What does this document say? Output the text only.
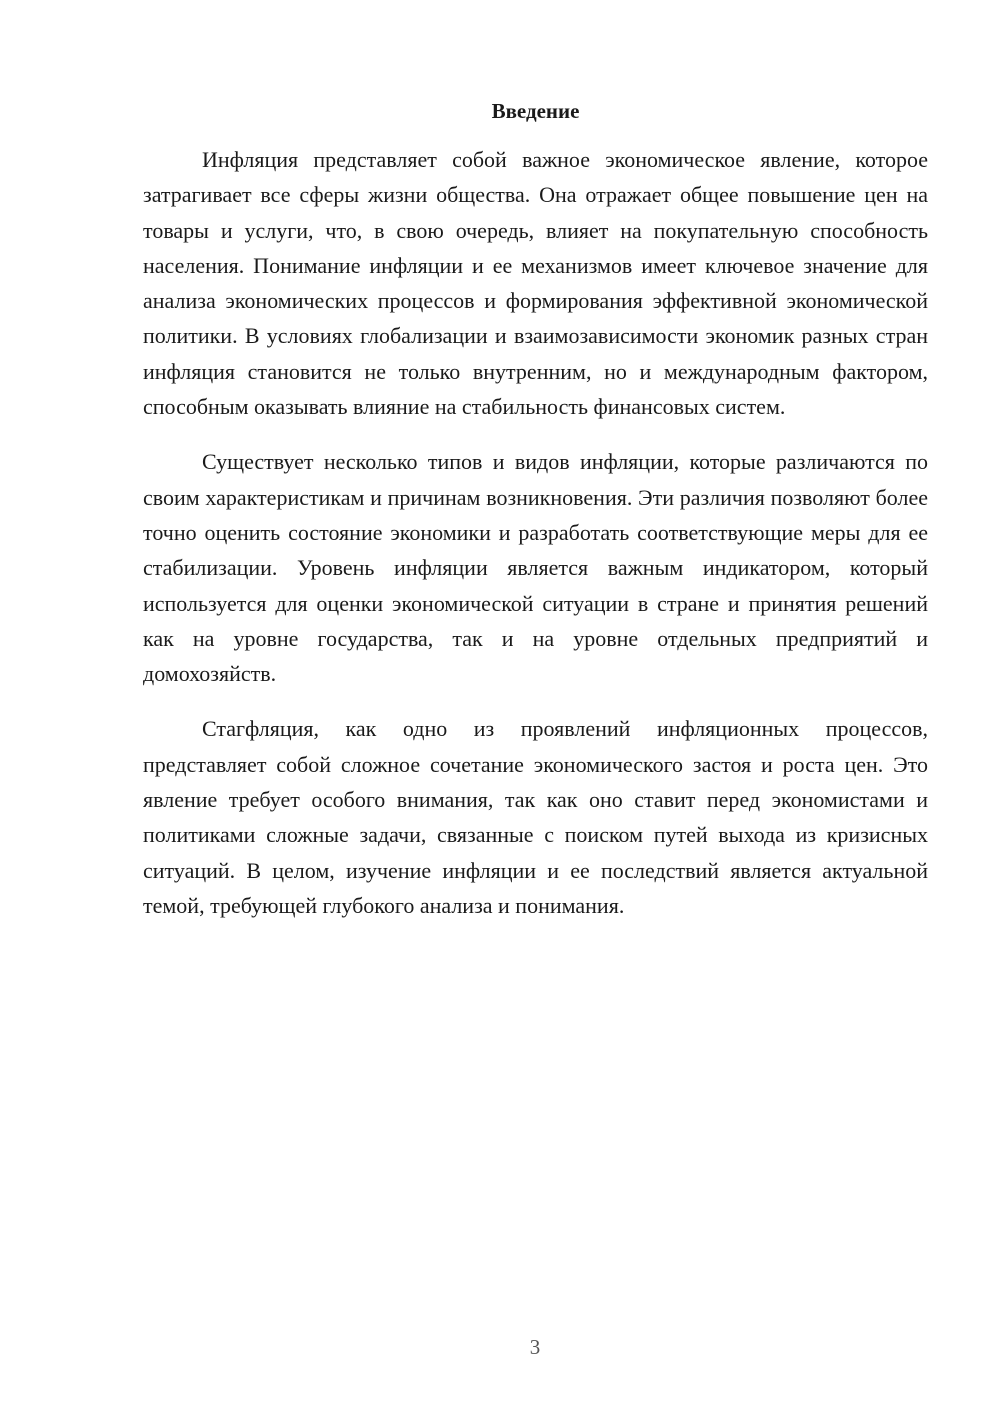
Введение

Инфляция представляет собой важное экономическое явление, которое затрагивает все сферы жизни общества. Она отражает общее повышение цен на товары и услуги, что, в свою очередь, влияет на покупательную способность населения. Понимание инфляции и ее механизмов имеет ключевое значение для анализа экономических процессов и формирования эффективной экономической политики. В условиях глобализации и взаимозависимости экономик разных стран инфляция становится не только внутренним, но и международным фактором, способным оказывать влияние на стабильность финансовых систем.

Существует несколько типов и видов инфляции, которые различаются по своим характеристикам и причинам возникновения. Эти различия позволяют более точно оценить состояние экономики и разработать соответствующие меры для ее стабилизации. Уровень инфляции является важным индикатором, который используется для оценки экономической ситуации в стране и принятия решений как на уровне государства, так и на уровне отдельных предприятий и домохозяйств.

Стагфляция, как одно из проявлений инфляционных процессов, представляет собой сложное сочетание экономического застоя и роста цен. Это явление требует особого внимания, так как оно ставит перед экономистами и политиками сложные задачи, связанные с поиском путей выхода из кризисных ситуаций. В целом, изучение инфляции и ее последствий является актуальной темой, требующей глубокого анализа и понимания.

3
